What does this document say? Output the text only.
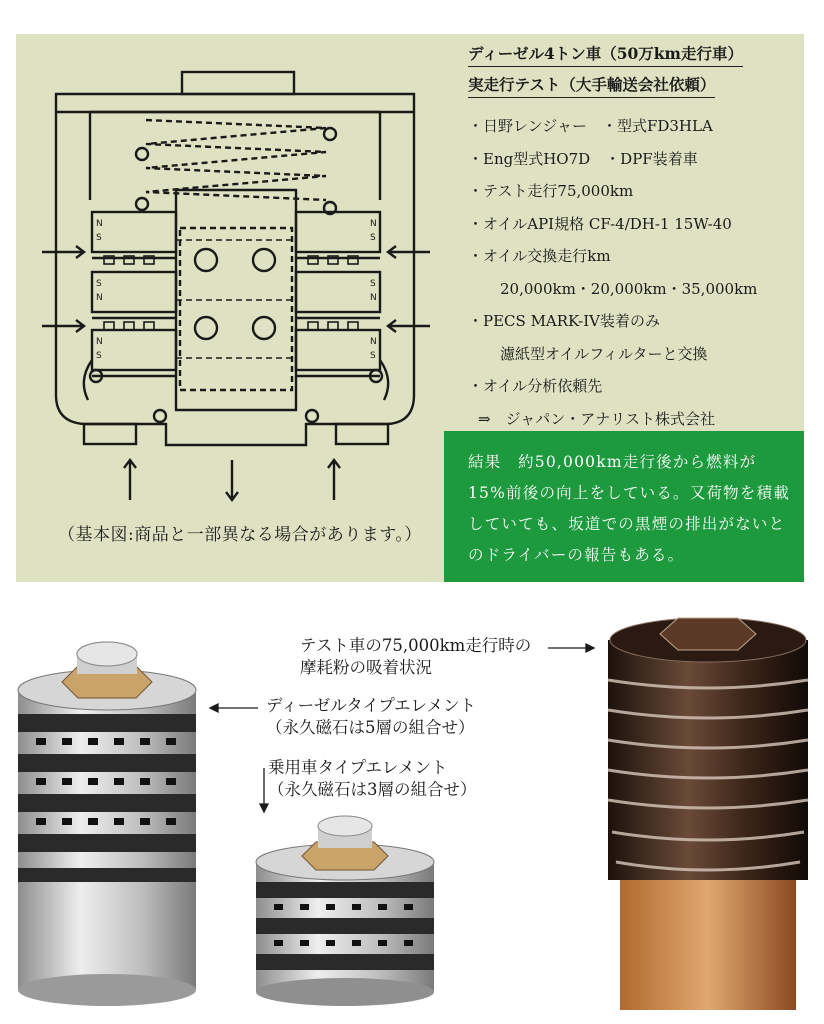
N
S
S
N
N
S
N
S
S
N
N
S
（基本図:商品と一部異なる場合があります。）
ディーゼル4トン車（50万km走行車）
実走行テスト（大手輸送会社依頼）
・日野レンジャー　・型式FD3HLA
・Eng型式HO7D　・DPF装着車
・テスト走行75,000km
・オイルAPI規格 CF-4/DH-1 15W-40
・オイル交換走行km
20,000km・20,000km・35,000km
・PECS MARK-IV装着のみ
濾紙型オイルフィルターと交換
・オイル分析依頼先
⇒　ジャパン・アナリスト株式会社
結果　約50,000km走行後から燃料が15%前後の向上をしている。又荷物を積載していても、坂道での黒煙の排出がないとのドライバーの報告もある。
ディーゼルタイプエレメント
（永久磁石は5層の組合せ）
乗用車タイプエレメント
（永久磁石は3層の組合せ）
テスト車の75,000km走行時の
摩耗粉の吸着状況
